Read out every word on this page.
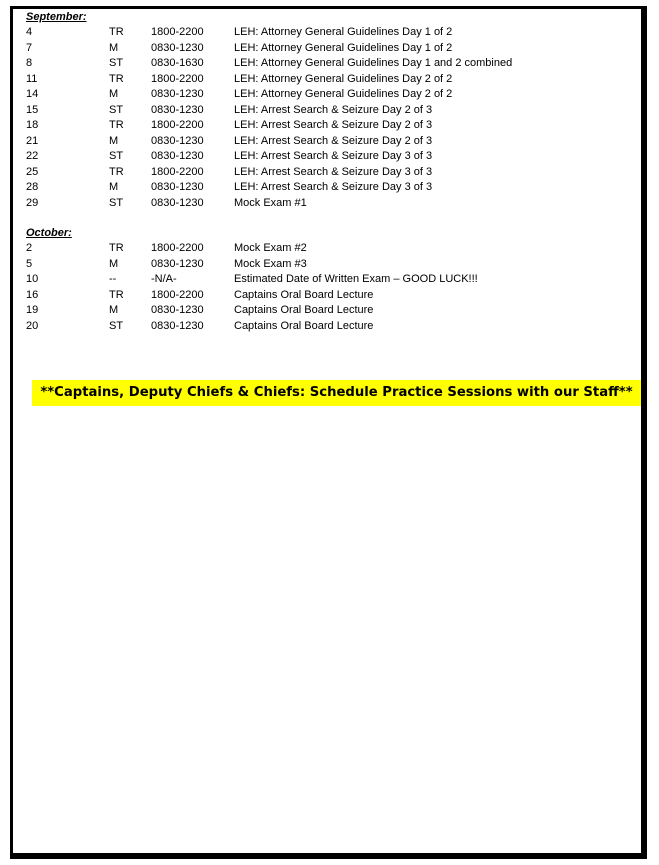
September:
4	TR 1800-2200	LEH: Attorney General Guidelines Day 1 of 2
7	M	0830-1230	LEH: Attorney General Guidelines Day 1 of 2
8	ST	0830-1630	LEH: Attorney General Guidelines Day 1 and 2 combined
11	TR 1800-2200	LEH: Attorney General Guidelines Day 2 of 2
14	M	0830-1230	LEH: Attorney General Guidelines Day 2 of 2
15	ST	0830-1230	LEH: Arrest Search & Seizure Day 2 of 3
18	TR 1800-2200	LEH: Arrest Search & Seizure Day 2 of 3
21	M	0830-1230	LEH: Arrest Search & Seizure Day 2 of 3
22	ST	0830-1230	LEH: Arrest Search & Seizure Day 3 of 3
25	TR 1800-2200	LEH: Arrest Search & Seizure Day 3 of 3
28	M	0830-1230	LEH: Arrest Search & Seizure Day 3 of 3
29	ST	0830-1230	Mock Exam #1
October:
2	TR 1800-2200	Mock Exam #2
5	M	0830-1230	Mock Exam #3
10	--	-N/A-	Estimated Date of Written Exam – GOOD LUCK!!!
16	TR 1800-2200	Captains Oral Board Lecture
19	M	0830-1230	Captains Oral Board Lecture
20	ST	0830-1230	Captains Oral Board Lecture
**Captains, Deputy Chiefs & Chiefs: Schedule Practice Sessions with our Staff**
